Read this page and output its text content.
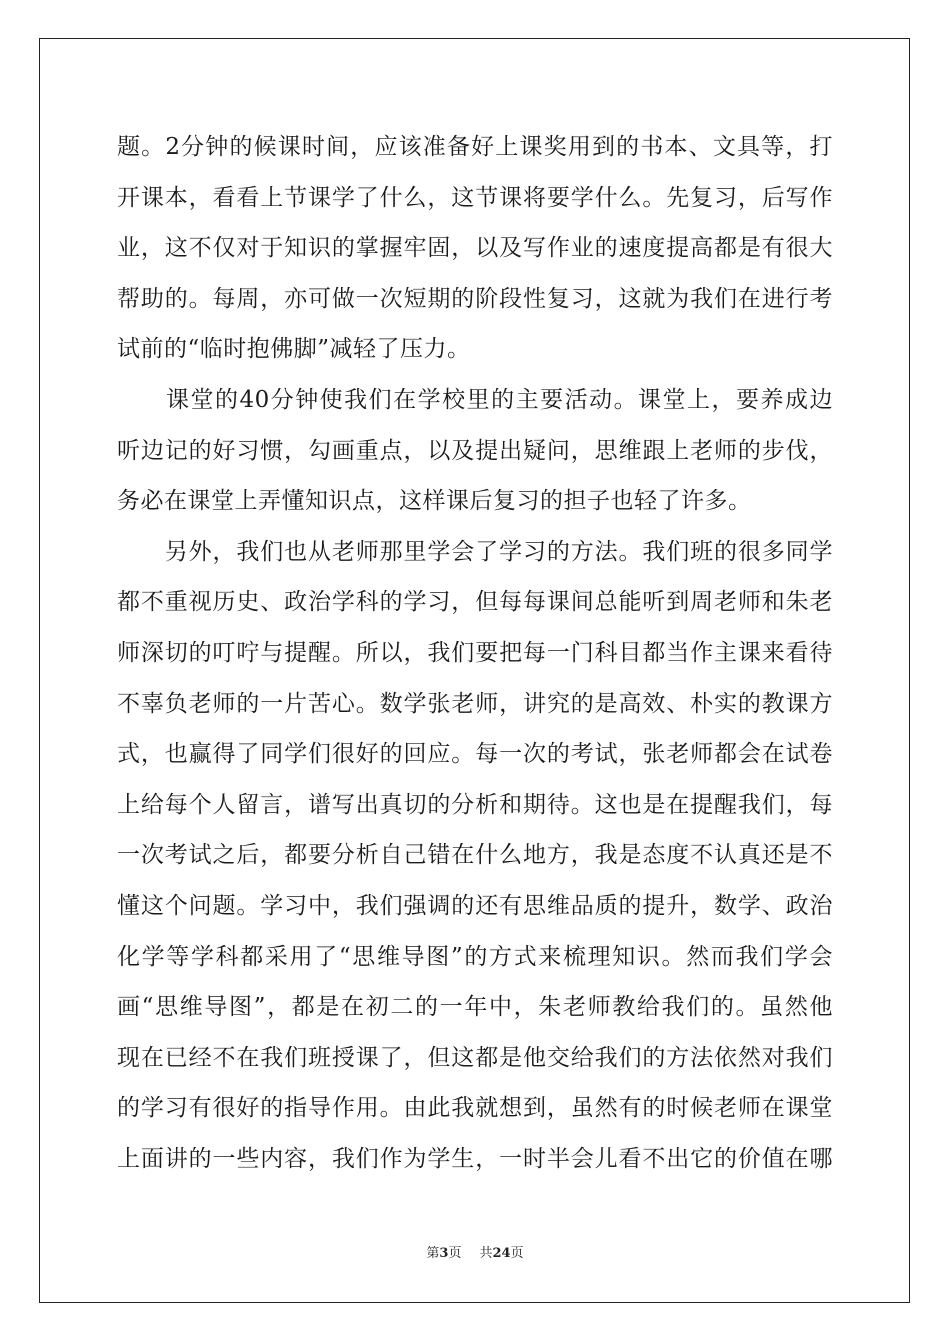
题。2分钟的候课时间，应该准备好上课奖用到的书本、文具等，打
开课本，看看上节课学了什么，这节课将要学什么。先复习，后写作
业，这不仅对于知识的掌握牢固，以及写作业的速度提高都是有很大
帮助的。每周，亦可做一次短期的阶段性复习，这就为我们在进行考
试前的“临时抱佛脚”减轻了压力。
　　课堂的40分钟使我们在学校里的主要活动。课堂上，要养成边
听边记的好习惯，勾画重点，以及提出疑问，思维跟上老师的步伐，
务必在课堂上弄懂知识点，这样课后复习的担子也轻了许多。
　　另外，我们也从老师那里学会了学习的方法。我们班的很多同学
都不重视历史、政治学科的学习，但每每课间总能听到周老师和朱老
师深切的叮咛与提醒。所以，我们要把每一门科目都当作主课来看待
不辜负老师的一片苦心。数学张老师，讲究的是高效、朴实的教课方
式，也赢得了同学们很好的回应。每一次的考试，张老师都会在试卷
上给每个人留言，谱写出真切的分析和期待。这也是在提醒我们，每
一次考试之后，都要分析自己错在什么地方，我是态度不认真还是不
懂这个问题。学习中，我们强调的还有思维品质的提升，数学、政治
化学等学科都采用了“思维导图”的方式来梳理知识。然而我们学会
画“思维导图”，都是在初二的一年中，朱老师教给我们的。虽然他
现在已经不在我们班授课了，但这都是他交给我们的方法依然对我们
的学习有很好的指导作用。由此我就想到，虽然有的时候老师在课堂
上面讲的一些内容，我们作为学生，一时半会儿看不出它的价值在哪
第3页 共24页
